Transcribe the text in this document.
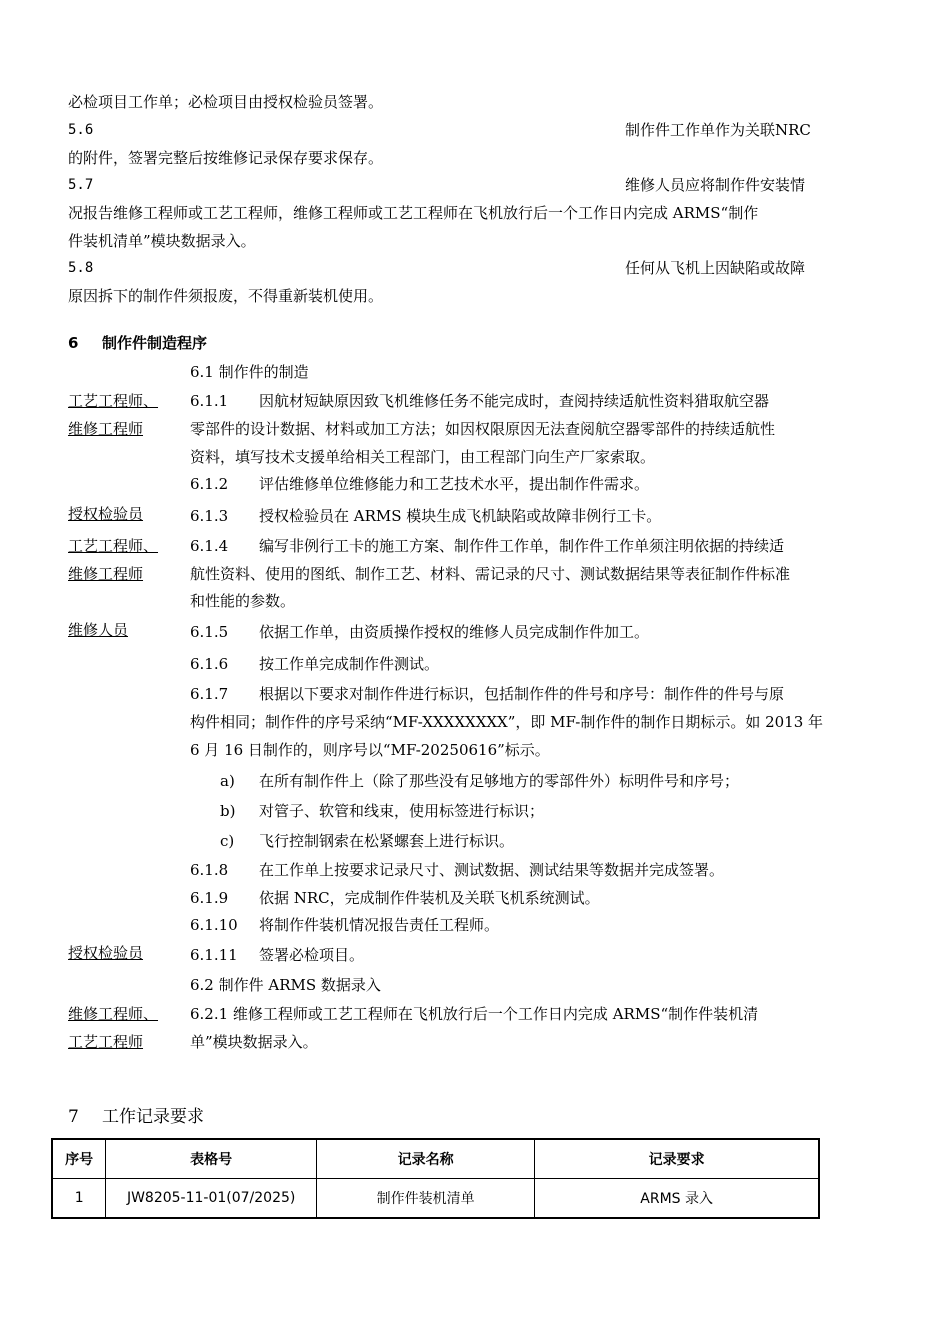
必检项目工作单；必检项目由授权检验员签署。
5.6	制作件工作单作为关联NRC
的附件，签署完整后按维修记录保存要求保存。
5.7	维修人员应将制作件安装情
况报告维修工程师或工艺工程师，维修工程师或工艺工程师在飞机放行后一个工作日内完成 ARMS“制作
件装机清单”模块数据录入。
5.8	任何从飞机上因缺陷或故障
原因拆下的制作件须报废，不得重新装机使用。
6 制作件制造程序
6.1 制作件的制造
工艺工程师、
维修工程师
6.1.1 因航材短缺原因致飞机维修任务不能完成时，查阅持续适航性资料猎取航空器
零部件的设计数据、材料或加工方法；如因权限原因无法查阅航空器零部件的持续适航性
资料，填写技术支援单给相关工程部门，由工程部门向生产厂家索取。
6.1.2 评估维修单位维修能力和工艺技术水平，提出制作件需求。
授权检验员	6.1.3 授权检验员在 ARMS 模块生成飞机缺陷或故障非例行工卡。
工艺工程师、
维修工程师
6.1.4 编写非例行工卡的施工方案、制作件工作单，制作件工作单须注明依据的持续适
航性资料、使用的图纸、制作工艺、材料、需记录的尺寸、测试数据结果等表征制作件标准
和性能的参数。
维修人员	6.1.5 依据工作单，由资质操作授权的维修人员完成制作件加工。
6.1.6 按工作单完成制作件测试。
6.1.7 根据以下要求对制作件进行标识，包括制作件的件号和序号：制作件的件号与原
构件相同；制作件的序号采纳“MF-XXXXXXXX”，即 MF-制作件的制作日期标示。如 2013 年
6 月 16 日制作的，则序号以“MF-20250616”标示。
a) 在所有制作件上（除了那些没有足够地方的零部件外）标明件号和序号；
b) 对管子、软管和线束，使用标签进行标识；
c) 飞行控制钢索在松紧螺套上进行标识。
6.1.8 在工作单上按要求记录尺寸、测试数据、测试结果等数据并完成签署。
6.1.9 依据 NRC，完成制作件装机及关联飞机系统测试。
6.1.10 将制作件装机情况报告责任工程师。
授权检验员	6.1.11 签署必检项目。
6.2 制作件 ARMS 数据录入
维修工程师、
工艺工程师
6.2.1 维修工程师或工艺工程师在飞机放行后一个工作日内完成 ARMS“制作件装机清
单”模块数据录入。
7 工作记录要求
序号	表格号	记录名称	记录要求
1	JW8205-11-01(07/2025)	制作件装机清单	ARMS 录入
